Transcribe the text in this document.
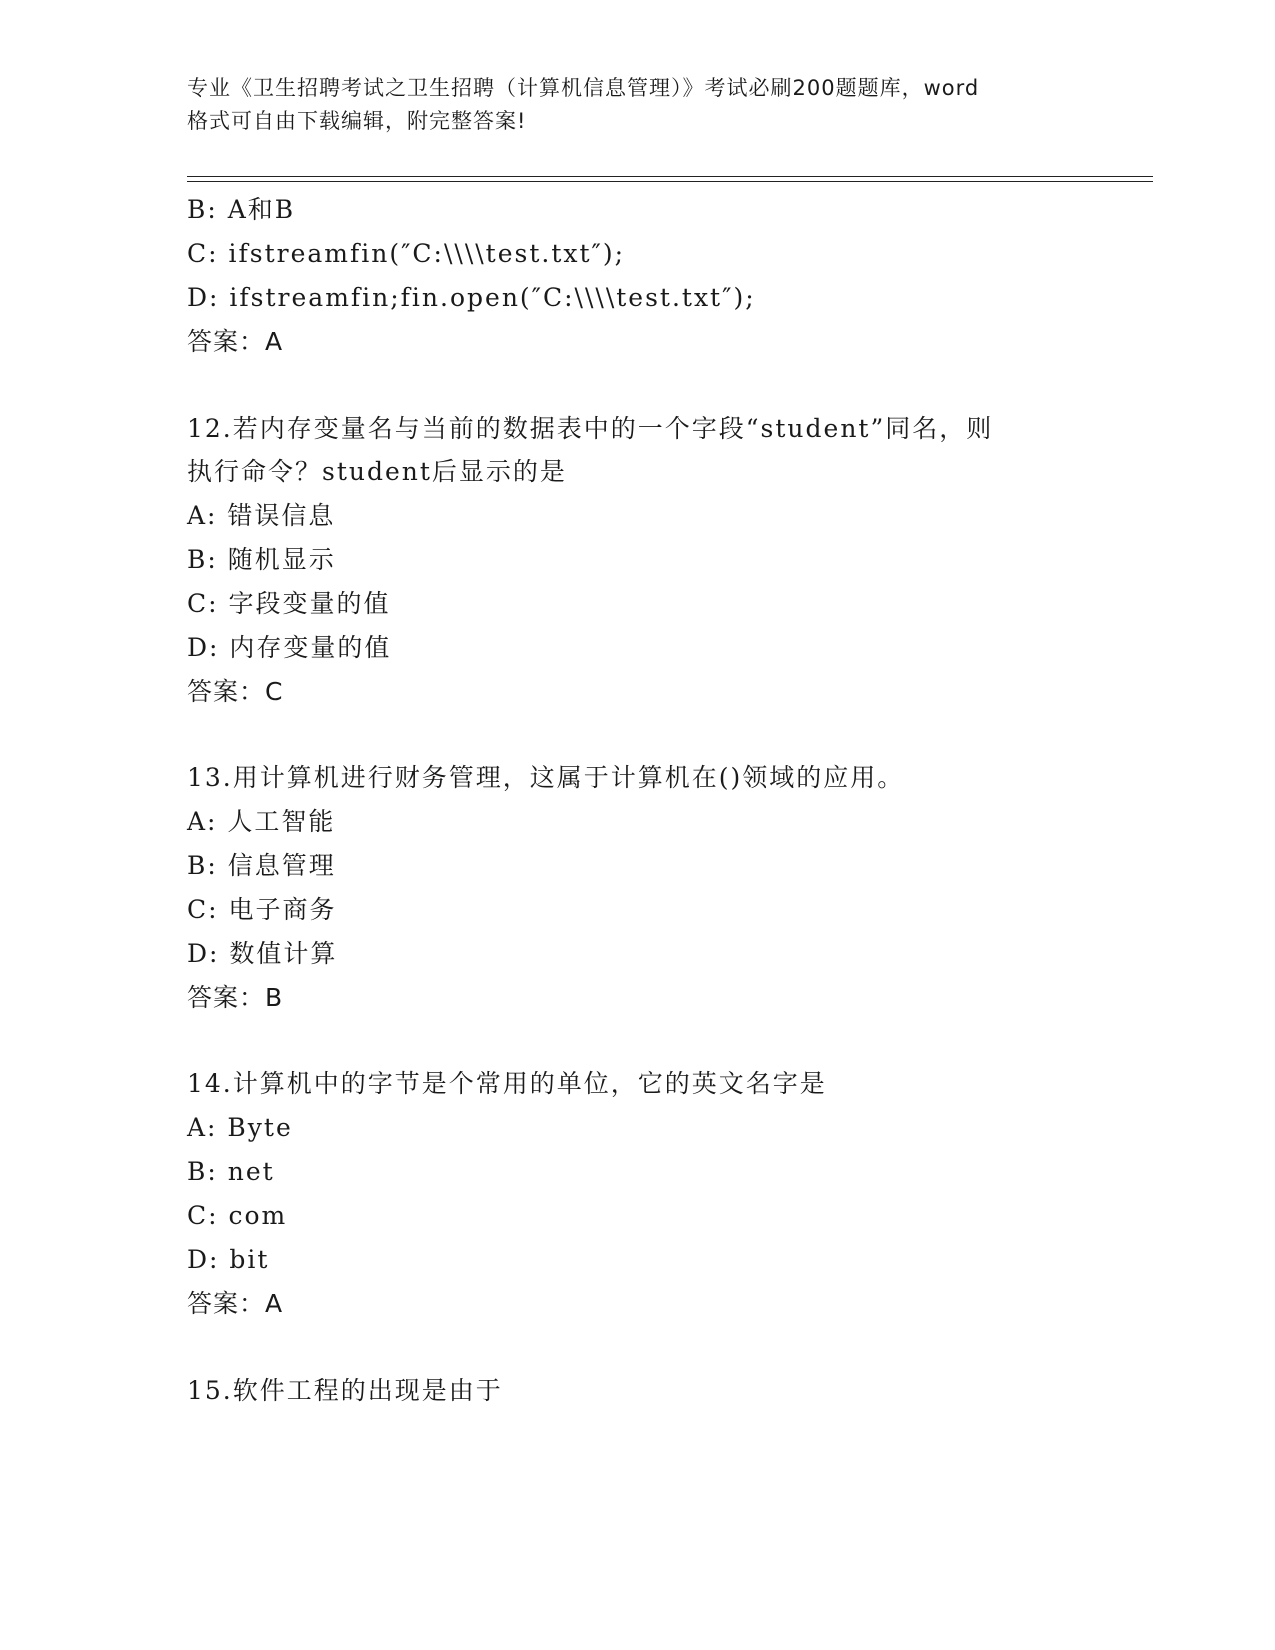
专业《卫生招聘考试之卫生招聘（计算机信息管理）》考试必刷200题题库，word
格式可自由下载编辑，附完整答案!
B: A和B
C: ifstreamfin(″C:\\\\test.txt″);
D: ifstreamfin;fin.open(″C:\\\\test.txt″);
答案：A
12.若内存变量名与当前的数据表中的一个字段“student”同名，则
执行命令？student后显示的是
A: 错误信息
B: 随机显示
C: 字段变量的值
D: 内存变量的值
答案：C
13.用计算机进行财务管理，这属于计算机在()领域的应用。
A: 人工智能
B: 信息管理
C: 电子商务
D: 数值计算
答案：B
14.计算机中的字节是个常用的单位，它的英文名字是
A: Byte
B: net
C: com
D: bit
答案：A
15.软件工程的出现是由于
